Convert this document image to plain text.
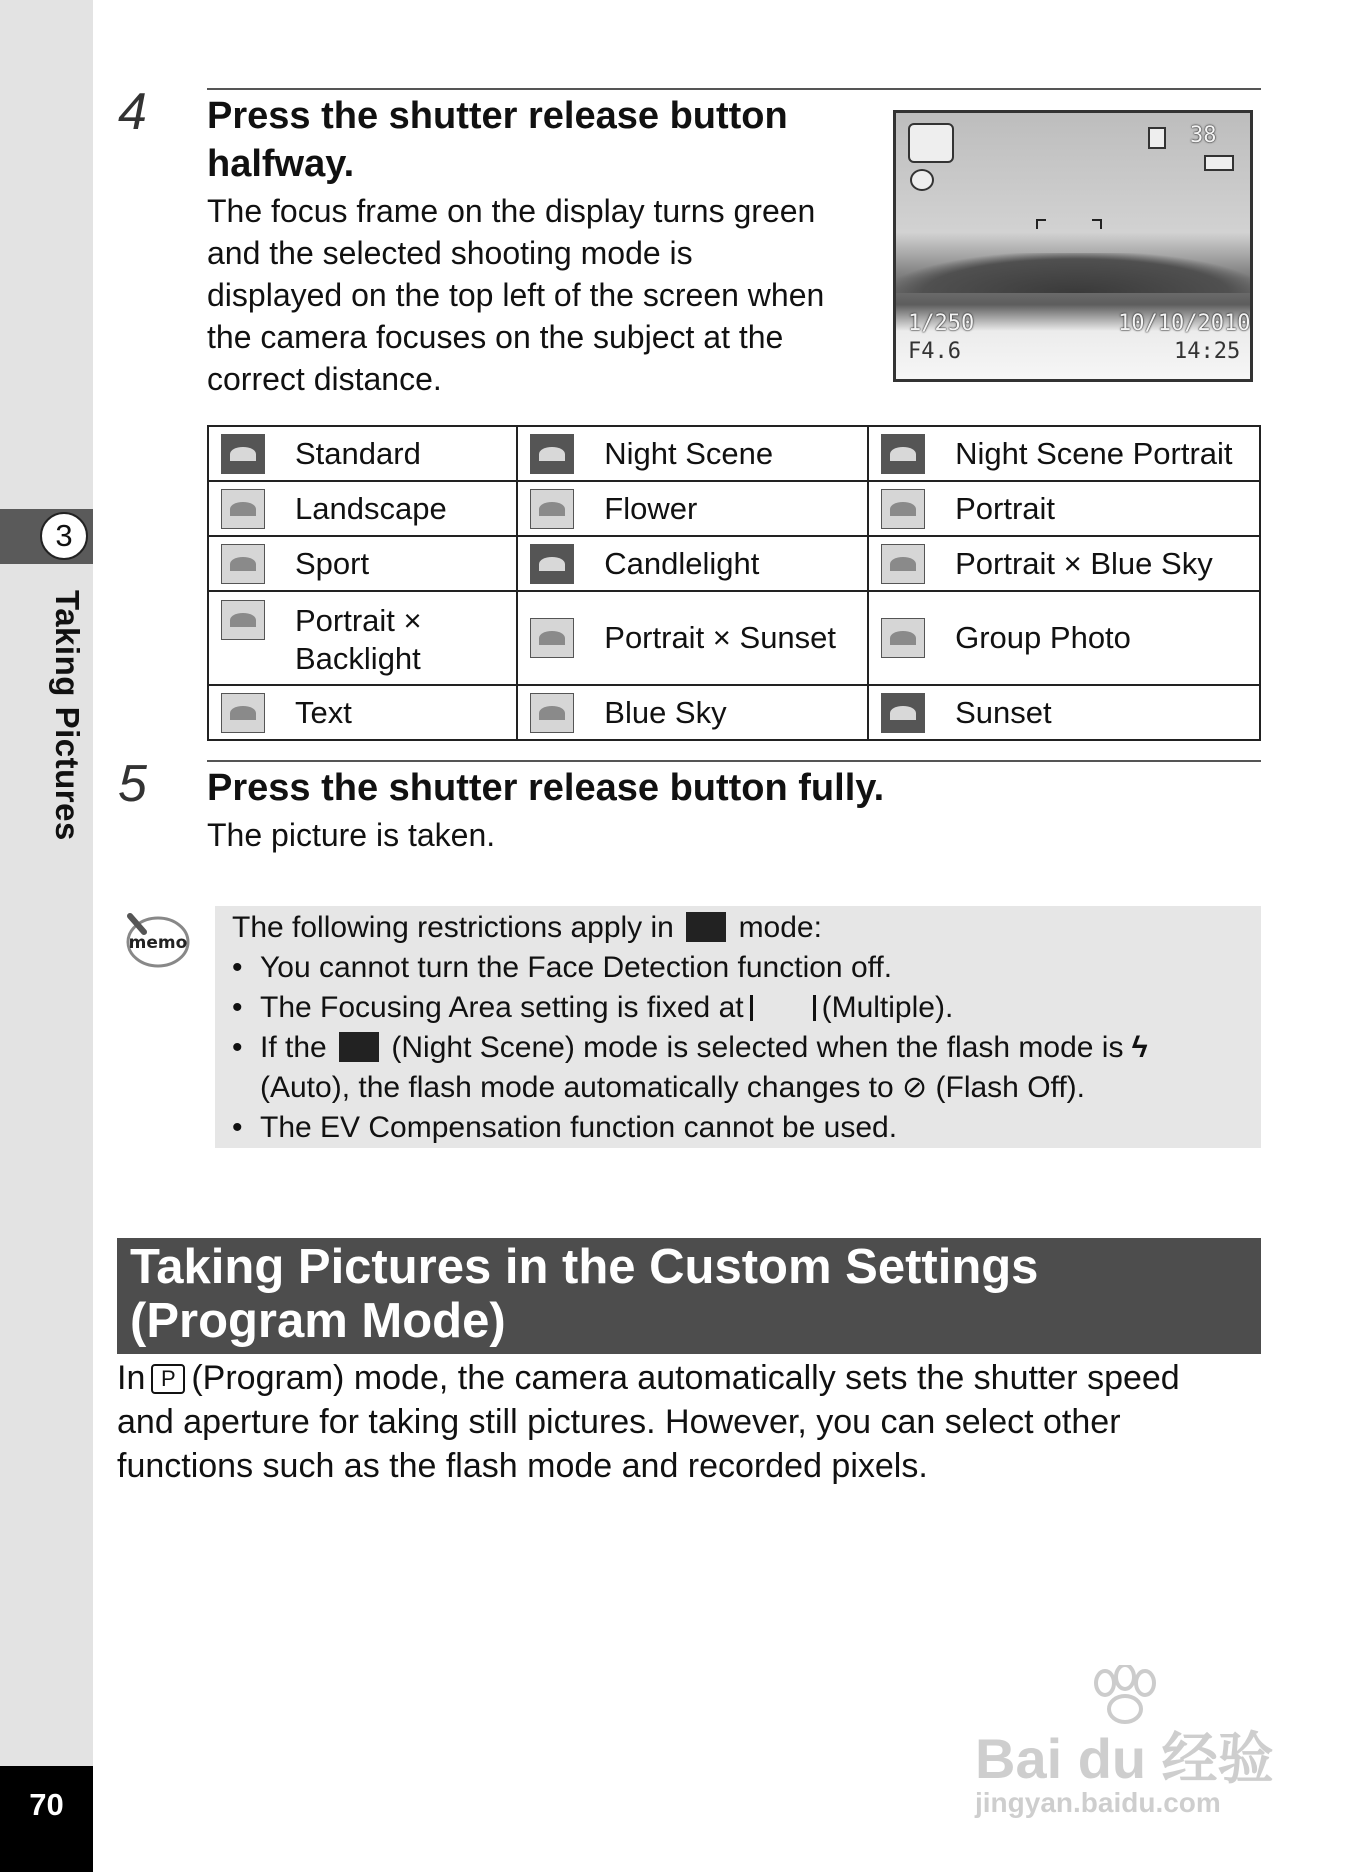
3
Taking Pictures
70
4 Press the shutter release button
halfway.

The focus frame on the display turns green
and the selected shooting mode is
displayed on the top left of the screen when
the camera focuses on the subject at the
correct distance.

38
1/250	10/10/2010
F4.6	14:25
Standard	Night Scene	Night Scene Portrait

Landscape	Flower	Portrait

Sport	Candlelight	Portrait × Blue Sky

Portrait ×
Backlight	Portrait × Sunset	Group Photo

Text	Blue Sky	Sunset
5 Press the shutter release button fully.

The picture is taken.

memo The following restrictions apply in mode:
• You cannot turn the Face Detection function off.
• The Focusing Area setting is fixed at	(Multiple).
• If the (Night Scene) mode is selected when the flash mode is ϟ
(Auto), the flash mode automatically changes to ⊘ (Flash Off).
• The EV Compensation function cannot be used.
Taking Pictures in the Custom Settings
(Program Mode)

In P (Program) mode, the camera automatically sets the shutter speed
and aperture for taking still pictures. However, you can select other
functions such as the flash mode and recorded pixels.

Bai du 经验
jingyan.baidu.com
